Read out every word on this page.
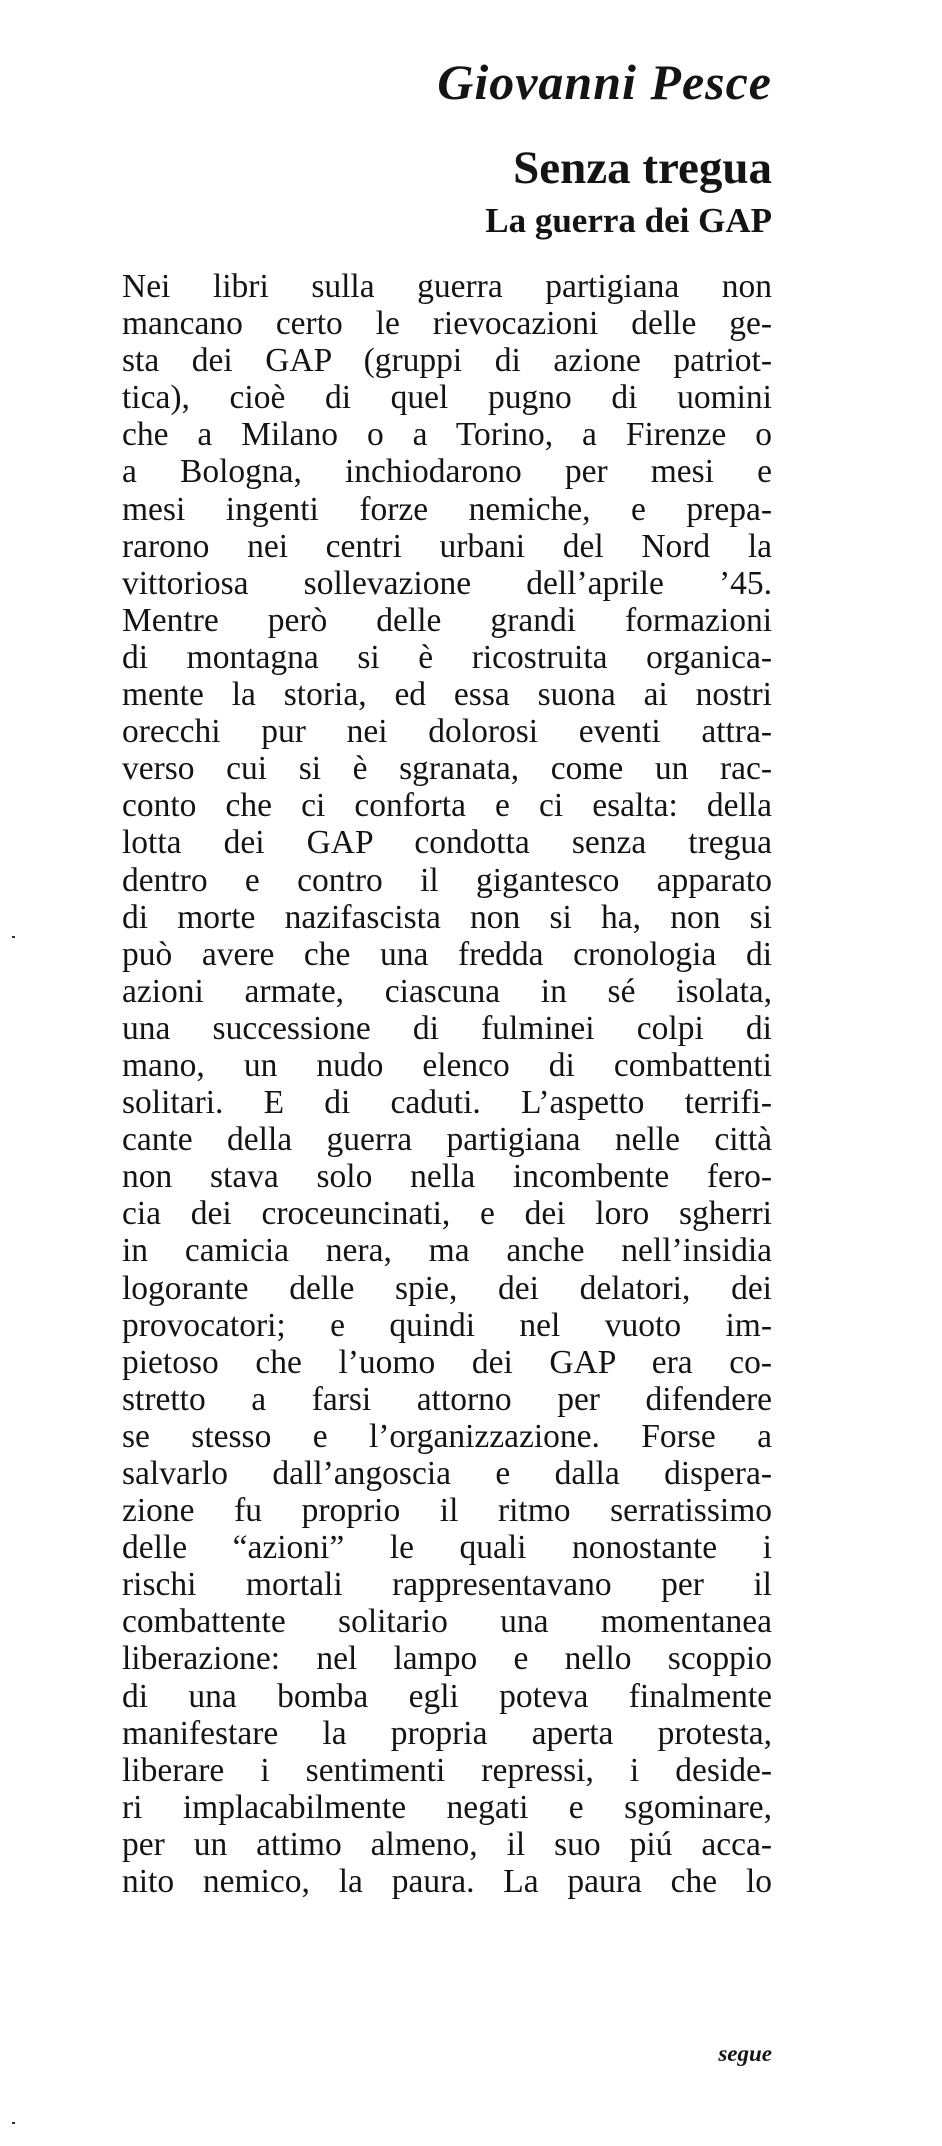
Giovanni Pesce
Senza tregua
La guerra dei GAP
Nei libri sulla guerra partigiana non
mancano certo le rievocazioni delle ge-
sta dei GAP (gruppi di azione patriot-
tica), cioè di quel pugno di uomini
che a Milano o a Torino, a Firenze o
a Bologna, inchiodarono per mesi e
mesi ingenti forze nemiche, e prepa-
rarono nei centri urbani del Nord la
vittoriosa sollevazione dell’aprile ’45.
Mentre però delle grandi formazioni
di montagna si è ricostruita organica-
mente la storia, ed essa suona ai nostri
orecchi pur nei dolorosi eventi attra-
verso cui si è sgranata, come un rac-
conto che ci conforta e ci esalta: della
lotta dei GAP condotta senza tregua
dentro e contro il gigantesco apparato
di morte nazifascista non si ha, non si
può avere che una fredda cronologia di
azioni armate, ciascuna in sé isolata,
una successione di fulminei colpi di
mano, un nudo elenco di combattenti
solitari. E di caduti. L’aspetto terrifi-
cante della guerra partigiana nelle città
non stava solo nella incombente fero-
cia dei croceuncinati, e dei loro sgherri
in camicia nera, ma anche nell’insidia
logorante delle spie, dei delatori, dei
provocatori; e quindi nel vuoto im-
pietoso che l’uomo dei GAP era co-
stretto a farsi attorno per difendere
se stesso e l’organizzazione. Forse a
salvarlo dall’angoscia e dalla dispera-
zione fu proprio il ritmo serratissimo
delle “azioni” le quali nonostante i
rischi mortali rappresentavano per il
combattente solitario una momentanea
liberazione: nel lampo e nello scoppio
di una bomba egli poteva finalmente
manifestare la propria aperta protesta,
liberare i sentimenti repressi, i deside-
ri implacabilmente negati e sgominare,
per un attimo almeno, il suo piú acca-
nito nemico, la paura. La paura che lo
segue
